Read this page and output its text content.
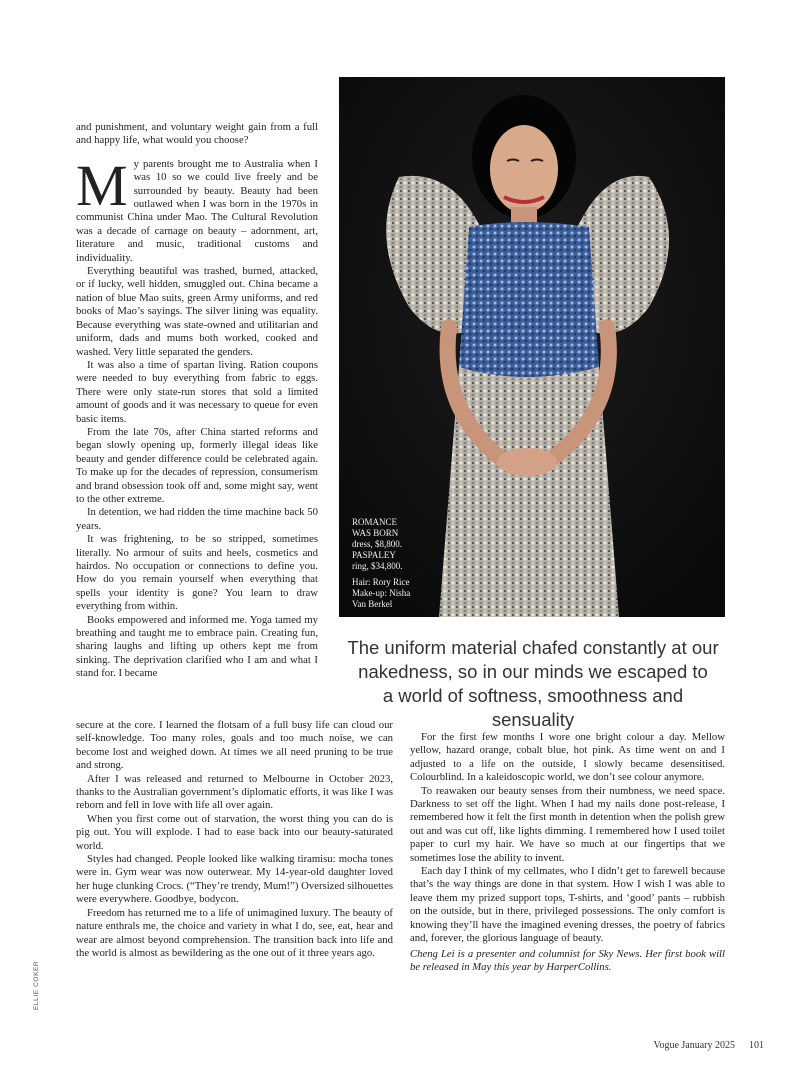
and punishment, and voluntary weight gain from a full and happy life, what would you choose?

My parents brought me to Australia when I was 10 so we could live freely and be surrounded by beauty. Beauty had been outlawed when I was born in the 1970s in communist China under Mao. The Cultural Revolution was a decade of carnage on beauty – adornment, art, literature and music, traditional customs and individuality.

Everything beautiful was trashed, burned, attacked, or if lucky, well hidden, smuggled out. China became a nation of blue Mao suits, green Army uniforms, and red books of Mao’s sayings. The silver lining was equality. Because everything was state-owned and utilitarian and uniform, dads and mums both worked, cooked and washed. Very little separated the genders.

It was also a time of spartan living. Ration coupons were needed to buy everything from fabric to eggs. There were only state-run stores that sold a limited amount of goods and it was necessary to queue for even basic items.

From the late 70s, after China started reforms and began slowly opening up, formerly illegal ideas like beauty and gender difference could be celebrated again. To make up for the decades of repression, consumerism and brand obsession took off and, some might say, went to the other extreme.

In detention, we had ridden the time machine back 50 years.

It was frightening, to be so stripped, sometimes literally. No armour of suits and heels, cosmetics and hairdos. No occupation or connections to define you. How do you remain yourself when everything that spells your identity is gone? You learn to draw everything from within.

Books empowered and informed me. Yoga tamed my breathing and taught me to embrace pain. Creating fun, sharing laughs and lifting up others kept me from sinking. The deprivation clarified who I am and what I stand for. I became

ROMANCE
WAS BORN
dress, $8,800.
PASPALEY
ring, $34,800.
Hair: Rory Rice
Make-up: Nisha
Van Berkel
The uniform material chafed constantly at our
nakedness, so in our minds we escaped to
a world of softness, smoothness and sensuality

secure at the core. I learned the flotsam of a full busy life can cloud our self-knowledge. Too many roles, goals and too much noise, we can become lost and weighed down. At times we all need pruning to be true and strong.

After I was released and returned to Melbourne in October 2023, thanks to the Australian government’s diplomatic efforts, it was like I was reborn and fell in love with life all over again.

When you first come out of starvation, the worst thing you can do is pig out. You will explode. I had to ease back into our beauty-saturated world.

Styles had changed. People looked like walking tiramisu: mocha tones were in. Gym wear was now outerwear. My 14-year-old daughter loved her huge clunking Crocs. (“They’re trendy, Mum!”) Oversized silhouettes were everywhere. Goodbye, bodycon.

Freedom has returned me to a life of unimagined luxury. The beauty of nature enthrals me, the choice and variety in what I do, see, eat, hear and wear are almost beyond comprehension. The transition back into life and the world is almost as bewildering as the one out of it three years ago.

For the first few months I wore one bright colour a day. Mellow yellow, hazard orange, cobalt blue, hot pink. As time went on and I adjusted to a life on the outside, I slowly became desensitised. Colourblind. In a kaleidoscopic world, we don’t see colour anymore.

To reawaken our beauty senses from their numbness, we need space. Darkness to set off the light. When I had my nails done post-release, I remembered how it felt the first month in detention when the polish grew out and was cut off, like lights dimming. I remembered how I used toilet paper to curl my hair. We have so much at our fingertips that we sometimes lose the ability to invent.

Each day I think of my cellmates, who I didn’t get to farewell because that’s the way things are done in that system. How I wish I was able to leave them my prized support tops, T-shirts, and ‘good’ pants – rubbish on the outside, but in there, privileged possessions. The only comfort is knowing they’ll have the imagined evening dresses, the poetry of fabrics and, forever, the glorious language of beauty.

Cheng Lei is a presenter and columnist for Sky News. Her first book will be released in May this year by HarperCollins.

ELLIE COKER
Vogue January 2025 101
